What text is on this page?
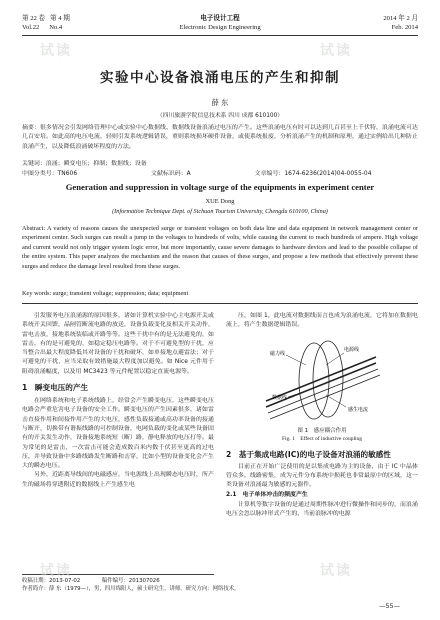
第 22 卷 第 4 期
Vol.22 No.4
电子设计工程
Electronic Design Engineering
2014 年 2 月
Feb. 2014
实验中心设备浪涌电压的产生和抑制
薛 东
（四川旅游学院信息技术系 四川 成都 610100）
摘要：很多情况会引发网络管理中心或实验中心数据线、数据线设备浪涌过电压的产生。这些浪涌电压有时可以达到几百甚至上千伏特，浪涌电流可达几百安培。如此高的电压电流，轻则引发系统逻辑错误，重则系统损坏硬件设备，或使系统报废，分析浪涌产生的机制和原理，通过实例给出几种防止浪涌产生，以及降低浪涌破坏程度的方法。
关键词：浪涌；瞬变电压；抑制；数据线；设备
中图分类号：TN606	文献标识码：A	文章编号：1674-6236(2014)04-0055-04
Generation and suppression in voltage surge of the equipments in experiment center
XUE Dong
(Information Technique Dept. of Sichuan Tourism University, Chengdu 610100, China)
Abstract: A variety of reasons causes the unexpected surge or transient voltages on both data line and data equipment in network management center or experiment center. Such surges can result a jump in the voltages to hundreds of volts, while causing the current to reach hundreds of ampere. High voltage and current would not only trigger system logic error, but more importantly, cause severe damages to hardware devices and lead to the possible collapse of the entire system. This paper analyzes the mechanism and the reason that causes of these surges, and propose a few methods that effectively prevent these surges and reduce the damage level resulted from these surges.
Key words: surge; transient voltage; suppression; data; equipment
引发服务电压浪涌源的原因很多，诸如计算机实验中心主电源开关或系统开关回馈，晶闸管断流电路的放送，设备负载变化及相关开关动作，雷电击放，接地系统装临或开路等等。这些干扰中有的是无法避免的，如雷击，有的是可避免的，如稳定稳压电路等。对于不可避免型的干扰，应当整合出最大程度降低其对设备的干扰和破坏，如单接地点避雷法；对于可避免的干扰，应当采取有效措施最大程度加以避免。如 Nice 元件用于阻碍浪涌幅度，以及用 MC3423 等元件配置以稳定直流电源等。
1　瞬变电压的产生
在网络系统和电子系统线路上，经常会产生瞬变电压，这些瞬变电压电路会严重危害电子设备的安全工作。瞬变电压的产生因素很多，诸如雷击直接作用和间接作用产生的大电压，感性负载接通或高功率设备的接通与断开，切换带有谐振线路的可控制设备，电网负载的变化或某些设备固有的开关发生动作，设备接地系统短（断）路，静电释放的电压打等。最为常见的是雷击，一次雷击可能会造成数百米内数千伏甚至更高的过电压，并导致设备中多路线路发生断路和击穿，比如小型的设备变化会产生大的瞬态电压。
另外，近距离导线间的电磁感应，当电源线上出现瞬态电压时，所产生的磁场将穿透附近的数据线上产生感生电
压，如图 1，此电流对数据线而言也成为浪涌电流，它将加在数据电流上，将产生数据逻辑错误。
磁力线
电源线
感生电流
数据线
图 1　感应耦合作用
Fig. 1　Effect of inductive coupling
2　基于集成电路(IC)的电子设备对浪涌的敏感性
目前正在开始广泛使用的是以集成电路为主的设备，由于 IC 中晶体管众多，线路密集，成为元件分布系统中损耗也非常最原中的区域，这一类设备对浪涌最为敏感的元器件。
2.1　电子单体冲击的频度产生
计算机等数字设备的是通过周期性脉冲进行微操作和同步的，而浪涌电压会忽以脉冲形式产生的，当前浪脉冲的电源
收稿日期：2013-07-02　　　　稿件编号：201307026
作者简介：薛 东（1979—），男，四川绵阳人，硕士研究生，讲师。研究方向：网络技术。
—55—
试读	试读
试读	试读
